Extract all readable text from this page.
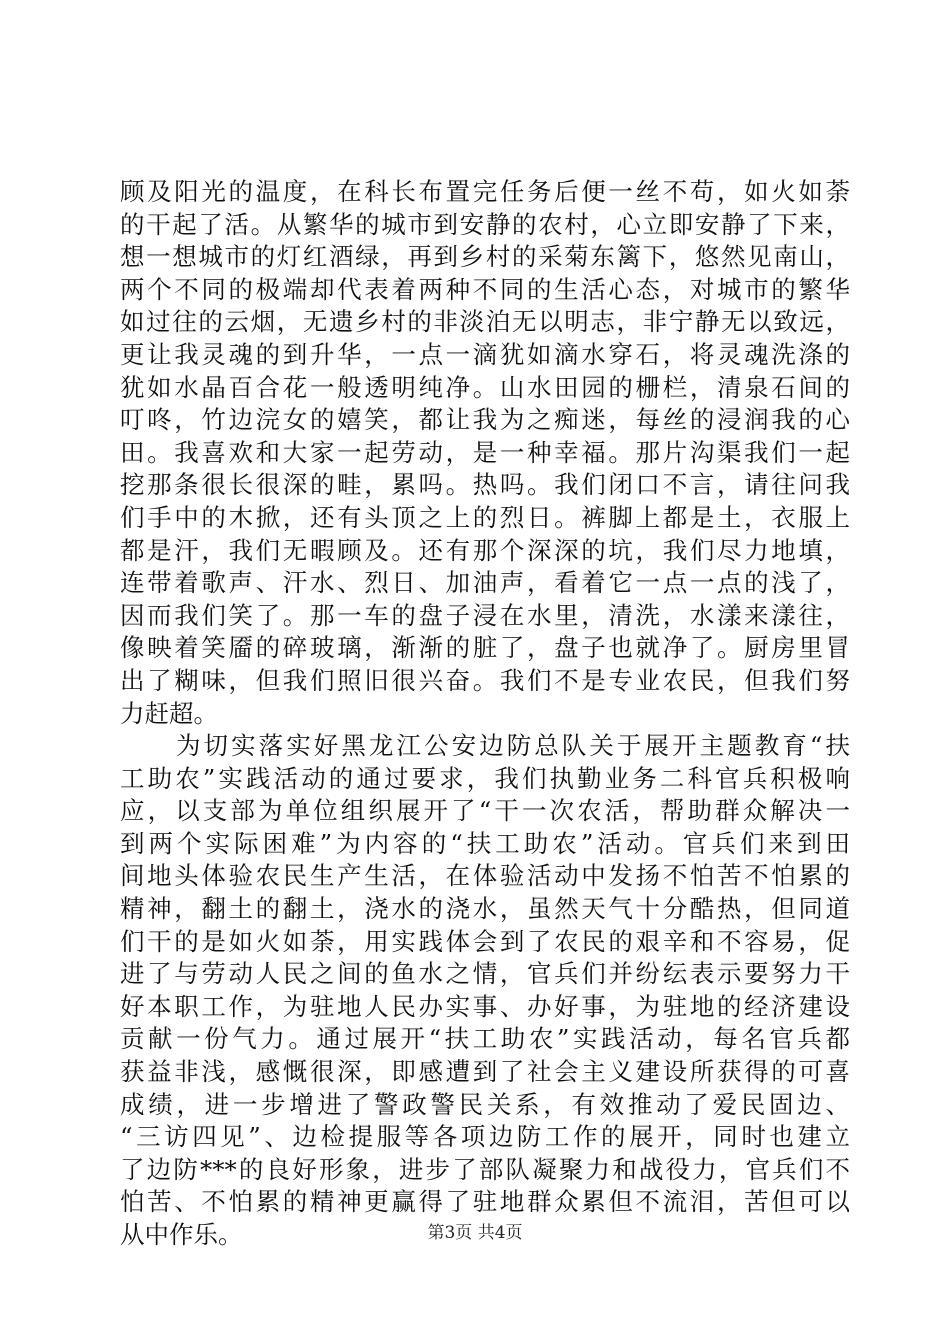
顾及阳光的温度，在科长布置完任务后便一丝不苟，如火如荼
的干起了活。从繁华的城市到安静的农村，心立即安静了下来，
想一想城市的灯红酒绿，再到乡村的采菊东篱下，悠然见南山，
两个不同的极端却代表着两种不同的生活心态，对城市的繁华
如过往的云烟，无遗乡村的非淡泊无以明志，非宁静无以致远，
更让我灵魂的到升华，一点一滴犹如滴水穿石，将灵魂洗涤的
犹如水晶百合花一般透明纯净。山水田园的栅栏，清泉石间的
叮咚，竹边浣女的嬉笑，都让我为之痴迷，每丝的浸润我的心
田。我喜欢和大家一起劳动，是一种幸福。那片沟渠我们一起
挖那条很长很深的畦，累吗。热吗。我们闭口不言，请往问我
们手中的木掀，还有头顶之上的烈日。裤脚上都是土，衣服上
都是汗，我们无暇顾及。还有那个深深的坑，我们尽力地填，
连带着歌声、汗水、烈日、加油声，看着它一点一点的浅了，
因而我们笑了。那一车的盘子浸在水里，清洗，水漾来漾往，
像映着笑靥的碎玻璃，渐渐的脏了，盘子也就净了。厨房里冒
出了糊味，但我们照旧很兴奋。我们不是专业农民，但我们努
力赶超。
为切实落实好黑龙江公安边防总队关于展开主题教育“扶
工助农”实践活动的通过要求，我们执勤业务二科官兵积极响
应，以支部为单位组织展开了“干一次农活，帮助群众解决一
到两个实际困难”为内容的“扶工助农”活动。官兵们来到田
间地头体验农民生产生活，在体验活动中发扬不怕苦不怕累的
精神，翻土的翻土，浇水的浇水，虽然天气十分酷热，但同道
们干的是如火如荼，用实践体会到了农民的艰辛和不容易，促
进了与劳动人民之间的鱼水之情，官兵们并纷纭表示要努力干
好本职工作，为驻地人民办实事、办好事，为驻地的经济建设
贡献一份气力。通过展开“扶工助农”实践活动，每名官兵都
获益非浅，感慨很深，即感遭到了社会主义建设所获得的可喜
成绩，进一步增进了警政警民关系，有效推动了爱民固边、
“三访四见”、边检提服等各项边防工作的展开，同时也建立
了边防***的良好形象，进步了部队凝聚力和战役力，官兵们不
怕苦、不怕累的精神更赢得了驻地群众累但不流泪，苦但可以
从中作乐。	第3页 共4页
